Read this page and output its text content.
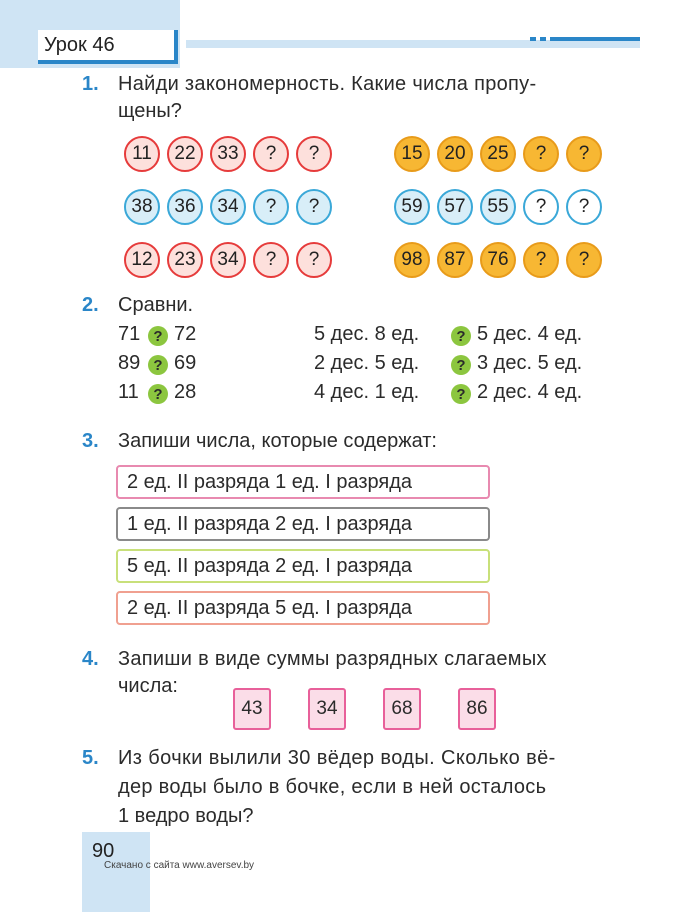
Урок 46
1. Найди закономерность. Какие числа пропу-
щены?
11	22	33	?	?
38	36	34	?	?
12	23	34	?	?
15	20	25	?	?
59	57	55	?	?
98	87	76	?	?
2. Сравни.
71 ? 72
89 ? 69
11 ? 28
5 дес. 8 ед.	? 5 дес. 4 ед.
2 дес. 5 ед.	? 3 дес. 5 ед.
4 дес. 1 ед.	? 2 дес. 4 ед.
3. Запиши числа, которые содержат:
2 ед. II разряда 1 ед. I разряда
1 ед. II разряда 2 ед. I разряда
5 ед. II разряда 2 ед. I разряда
2 ед. II разряда 5 ед. I разряда
4. Запиши в виде суммы разрядных слагаемых
числа:
43	34	68	86
5. Из бочки вылили 30 вёдер воды. Сколько вё-
дер воды было в бочке, если в ней осталось
1 ведро воды?
90
Скачано с сайта www.aversev.by
